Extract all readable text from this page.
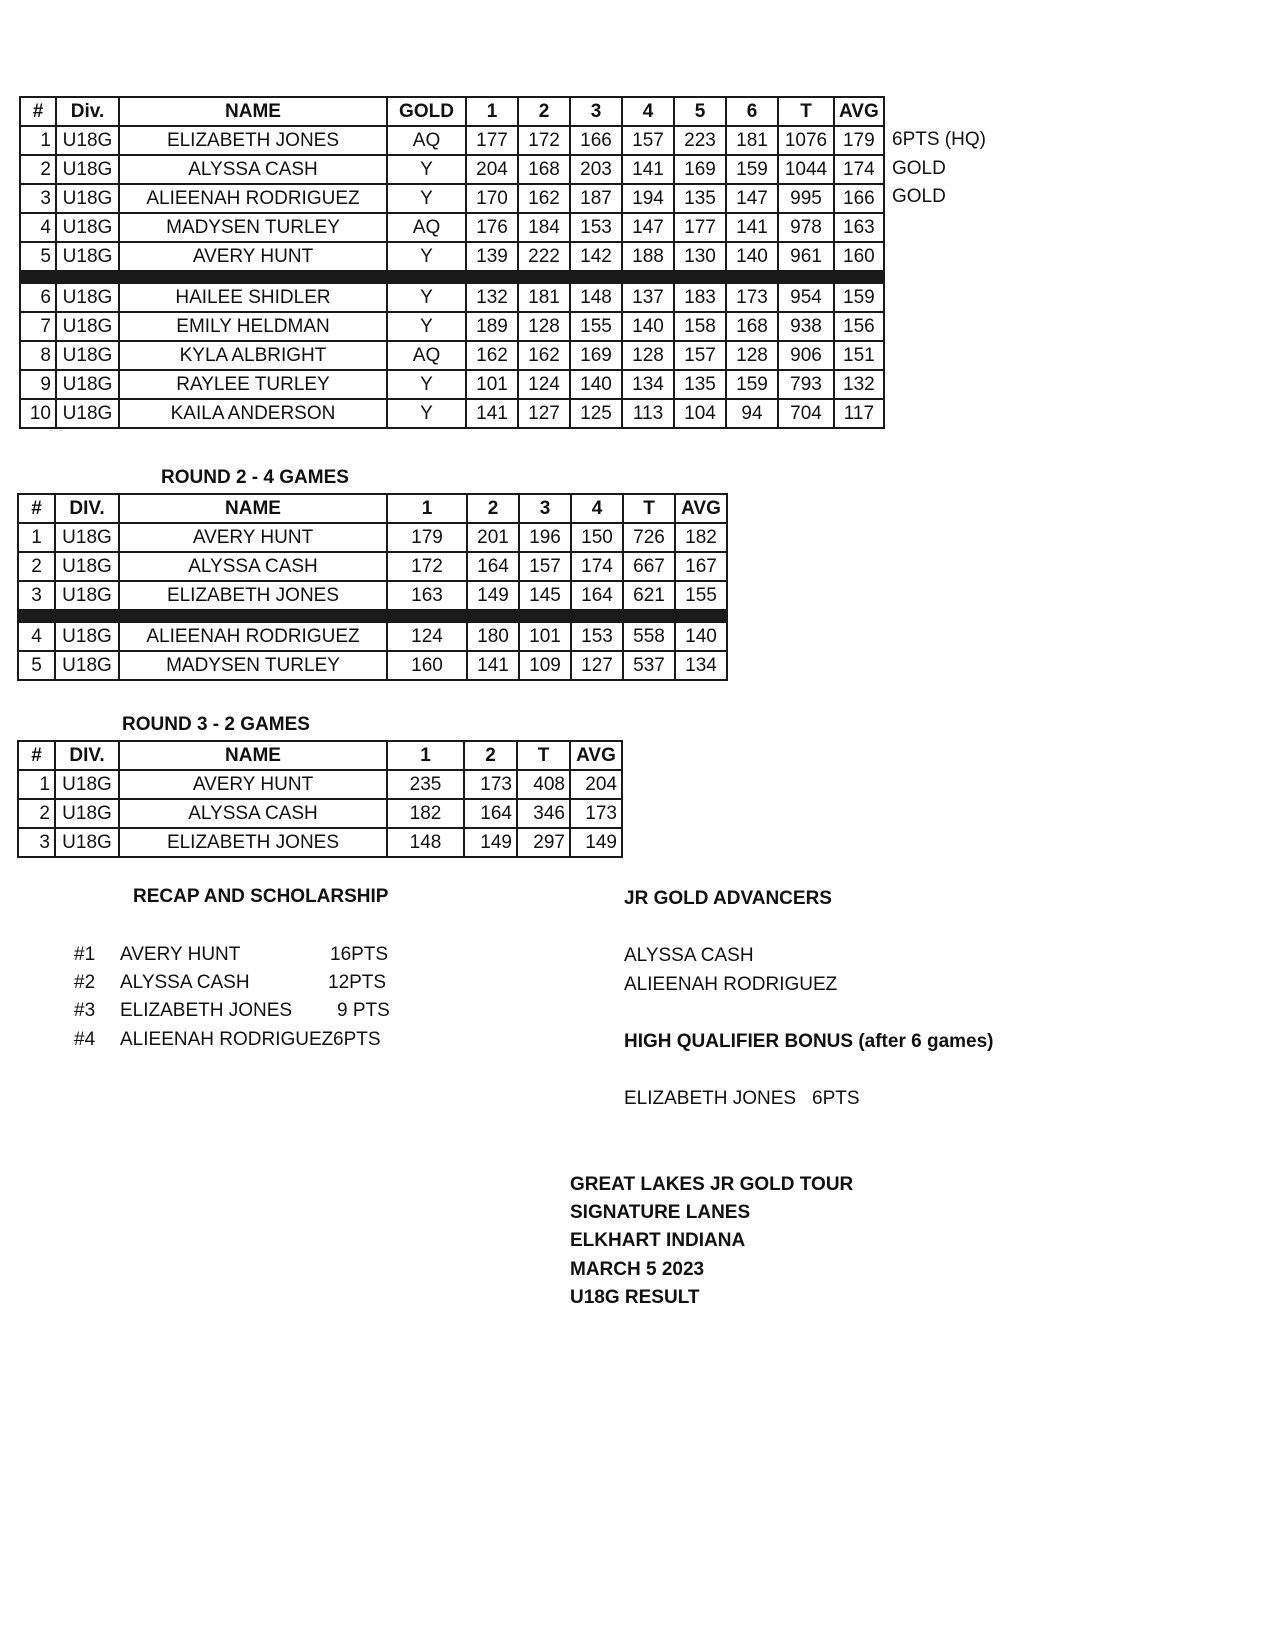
#	Div.	NAME	GOLD	1	2	3	4	5	6	T	AVG
1	U18G	ELIZABETH JONES	AQ	177	172	166	157	223	181	1076	179
2	U18G	ALYSSA CASH	Y	204	168	203	141	169	159	1044	174
3	U18G	ALIEENAH RODRIGUEZ	Y	170	162	187	194	135	147	995	166
4	U18G	MADYSEN TURLEY	AQ	176	184	153	147	177	141	978	163
5	U18G	AVERY HUNT	Y	139	222	142	188	130	140	961	160

6	U18G	HAILEE SHIDLER	Y	132	181	148	137	183	173	954	159
7	U18G	EMILY HELDMAN	Y	189	128	155	140	158	168	938	156
8	U18G	KYLA ALBRIGHT	AQ	162	162	169	128	157	128	906	151
9	U18G	RAYLEE TURLEY	Y	101	124	140	134	135	159	793	132
10	U18G	KAILA ANDERSON	Y	141	127	125	113	104	94	704	117
6PTS (HQ)
GOLD
GOLD
ROUND 2 - 4 GAMES
#	DIV.	NAME	1	2	3	4	T	AVG
1	U18G	AVERY HUNT	179	201	196	150	726	182
2	U18G	ALYSSA CASH	172	164	157	174	667	167
3	U18G	ELIZABETH JONES	163	149	145	164	621	155

4	U18G	ALIEENAH RODRIGUEZ	124	180	101	153	558	140
5	U18G	MADYSEN TURLEY	160	141	109	127	537	134
ROUND 3 - 2 GAMES
#	DIV.	NAME	1	2	T	AVG
1	U18G	AVERY HUNT	235	173	408	204
2	U18G	ALYSSA CASH	182	164	346	173
3	U18G	ELIZABETH JONES	148	149	297	149
RECAP AND SCHOLARSHIP
#1 AVERY HUNT	16PTS
#2 ALYSSA CASH	12PTS
#3 ELIZABETH JONES 9 PTS
#4 ALIEENAH RODRIGUEZ 6PTS
JR GOLD ADVANCERS
ALYSSA CASH
ALIEENAH RODRIGUEZ
HIGH QUALIFIER BONUS (after 6 games)
ELIZABETH JONES 6PTS
GREAT LAKES JR GOLD TOUR
SIGNATURE LANES
ELKHART INDIANA
MARCH 5 2023
U18G RESULT
